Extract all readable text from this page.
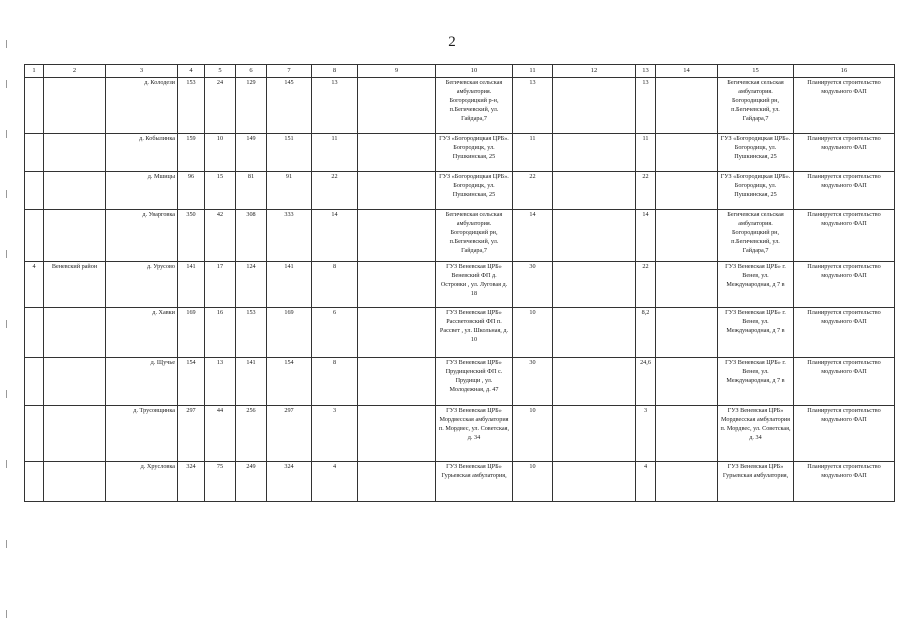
2
1	2	3	4	5	6	7	8	9	10	11	12	13	14	15	16
		д. Колодези	153	24	129	145	13		Бегичевская сельская амбулатория. Богородицкий р-н, п.Бегичевский, ул. Гайдара,7	13		13		Бегичевская сельская амбулатория. Богородицкий рн, п.Бегичевский, ул. Гайдара,7	Планируется строительство модульного ФАП
		д. Кобылинка	159	10	149	151	11		ГУЗ «Богородицкая ЦРБ». Богородицк, ул. Пушкинская, 25	11		11		ГУЗ «Богородицкая ЦРБ». Богородицк, ул. Пушкинская, 25	Планируется строительство модульного ФАП
		д. Мшицы	96	15	81	91	22		ГУЗ «Богородицкая ЦРБ». Богородицк, ул. Пушкинская, 25	22		22		ГУЗ «Богородицкая ЦРБ». Богородицк, ул. Пушкинская, 25	Планируется строительство модульного ФАП
		д. Уварговка	350	42	308	333	14		Бегичевская сельская амбулатория. Богородицкий рн, п.Бегичевский, ул. Гайдара,7	14		14		Бегичевская сельская амбулатория. Богородицкий рн, п.Бегичевский, ул. Гайдара,7	Планируется строительство модульного ФАП
4	Веневский район	д. Урусово	141	17	124	141	8		ГУЗ Веневская ЦРБ» Веневский ФП д. Островки , ул. Луговая д. 18	30		22		ГУЗ Веневская ЦРБ» г. Венев, ул. Международная, д 7 в	Планируется строительство модульного ФАП
		д. Хавки	169	16	153	169	6		ГУЗ Веневская ЦРБ» Рассветовский ФП п. Рассвет , ул. Школьная, д. 10	10		8,2		ГУЗ Веневская ЦРБ» г. Венев, ул. Международная, д 7 в	Планируется строительство модульного ФАП
		д. Щучье	154	13	141	154	8		ГУЗ Веневская ЦРБ» Прудищенский ФП с. Прудищи , ул. Молодежная, д. 47	30		24,6		ГУЗ Веневская ЦРБ» г. Венев, ул. Международная, д 7 в	Планируется строительство модульного ФАП
		д. Трусовщинка	297	44	256	297	3		ГУЗ Веневская ЦРБ» Мордвесская амбулатория п. Мордвес, ул. Советская, д. 34	10		3		ГУЗ Веневская ЦРБ» Мордвесская амбулатория п. Мордвес, ул. Советская, д. 34	Планируется строительство модульного ФАП
		д. Хрусловка	324	75	249	324	4		ГУЗ Веневская ЦРБ» Гурьевская амбулатория,	10		4		ГУЗ Веневская ЦРБ» Гурьевская амбулатория,	Планируется строительство модульного ФАП
